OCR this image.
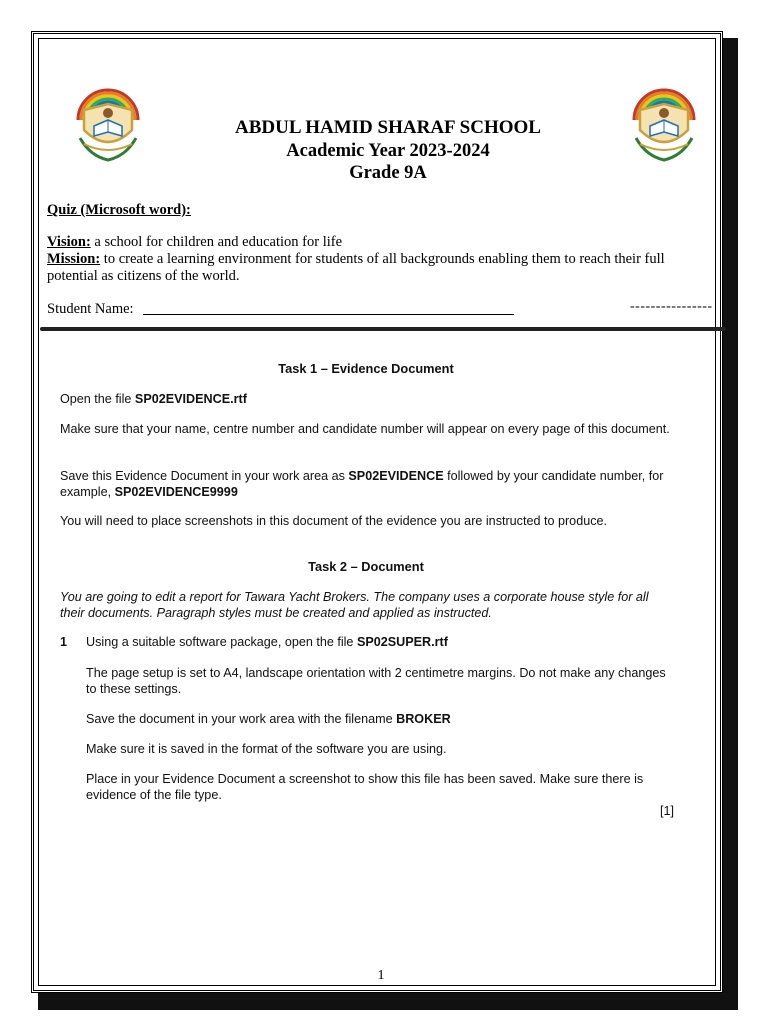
ABDUL HAMID SHARAF SCHOOL
Academic Year 2023-2024
Grade 9A
Quiz (Microsoft word):
Vision: a school for children and education for life
Mission: to create a learning environment for students of all backgrounds enabling them to reach their full potential as citizens of the world.
Student Name:	----------------
Task 1 – Evidence Document
Open the file SP02EVIDENCE.rtf
Make sure that your name, centre number and candidate number will appear on every page of this document.
Save this Evidence Document in your work area as SP02EVIDENCE followed by your candidate number, for example, SP02EVIDENCE9999
You will need to place screenshots in this document of the evidence you are instructed to produce.
Task 2 – Document
You are going to edit a report for Tawara Yacht Brokers. The company uses a corporate house style for all their documents. Paragraph styles must be created and applied as instructed.
1 Using a suitable software package, open the file SP02SUPER.rtf
The page setup is set to A4, landscape orientation with 2 centimetre margins. Do not make any changes to these settings.
Save the document in your work area with the filename BROKER
Make sure it is saved in the format of the software you are using.
Place in your Evidence Document a screenshot to show this file has been saved. Make sure there is evidence of the file type.
[1]
1
